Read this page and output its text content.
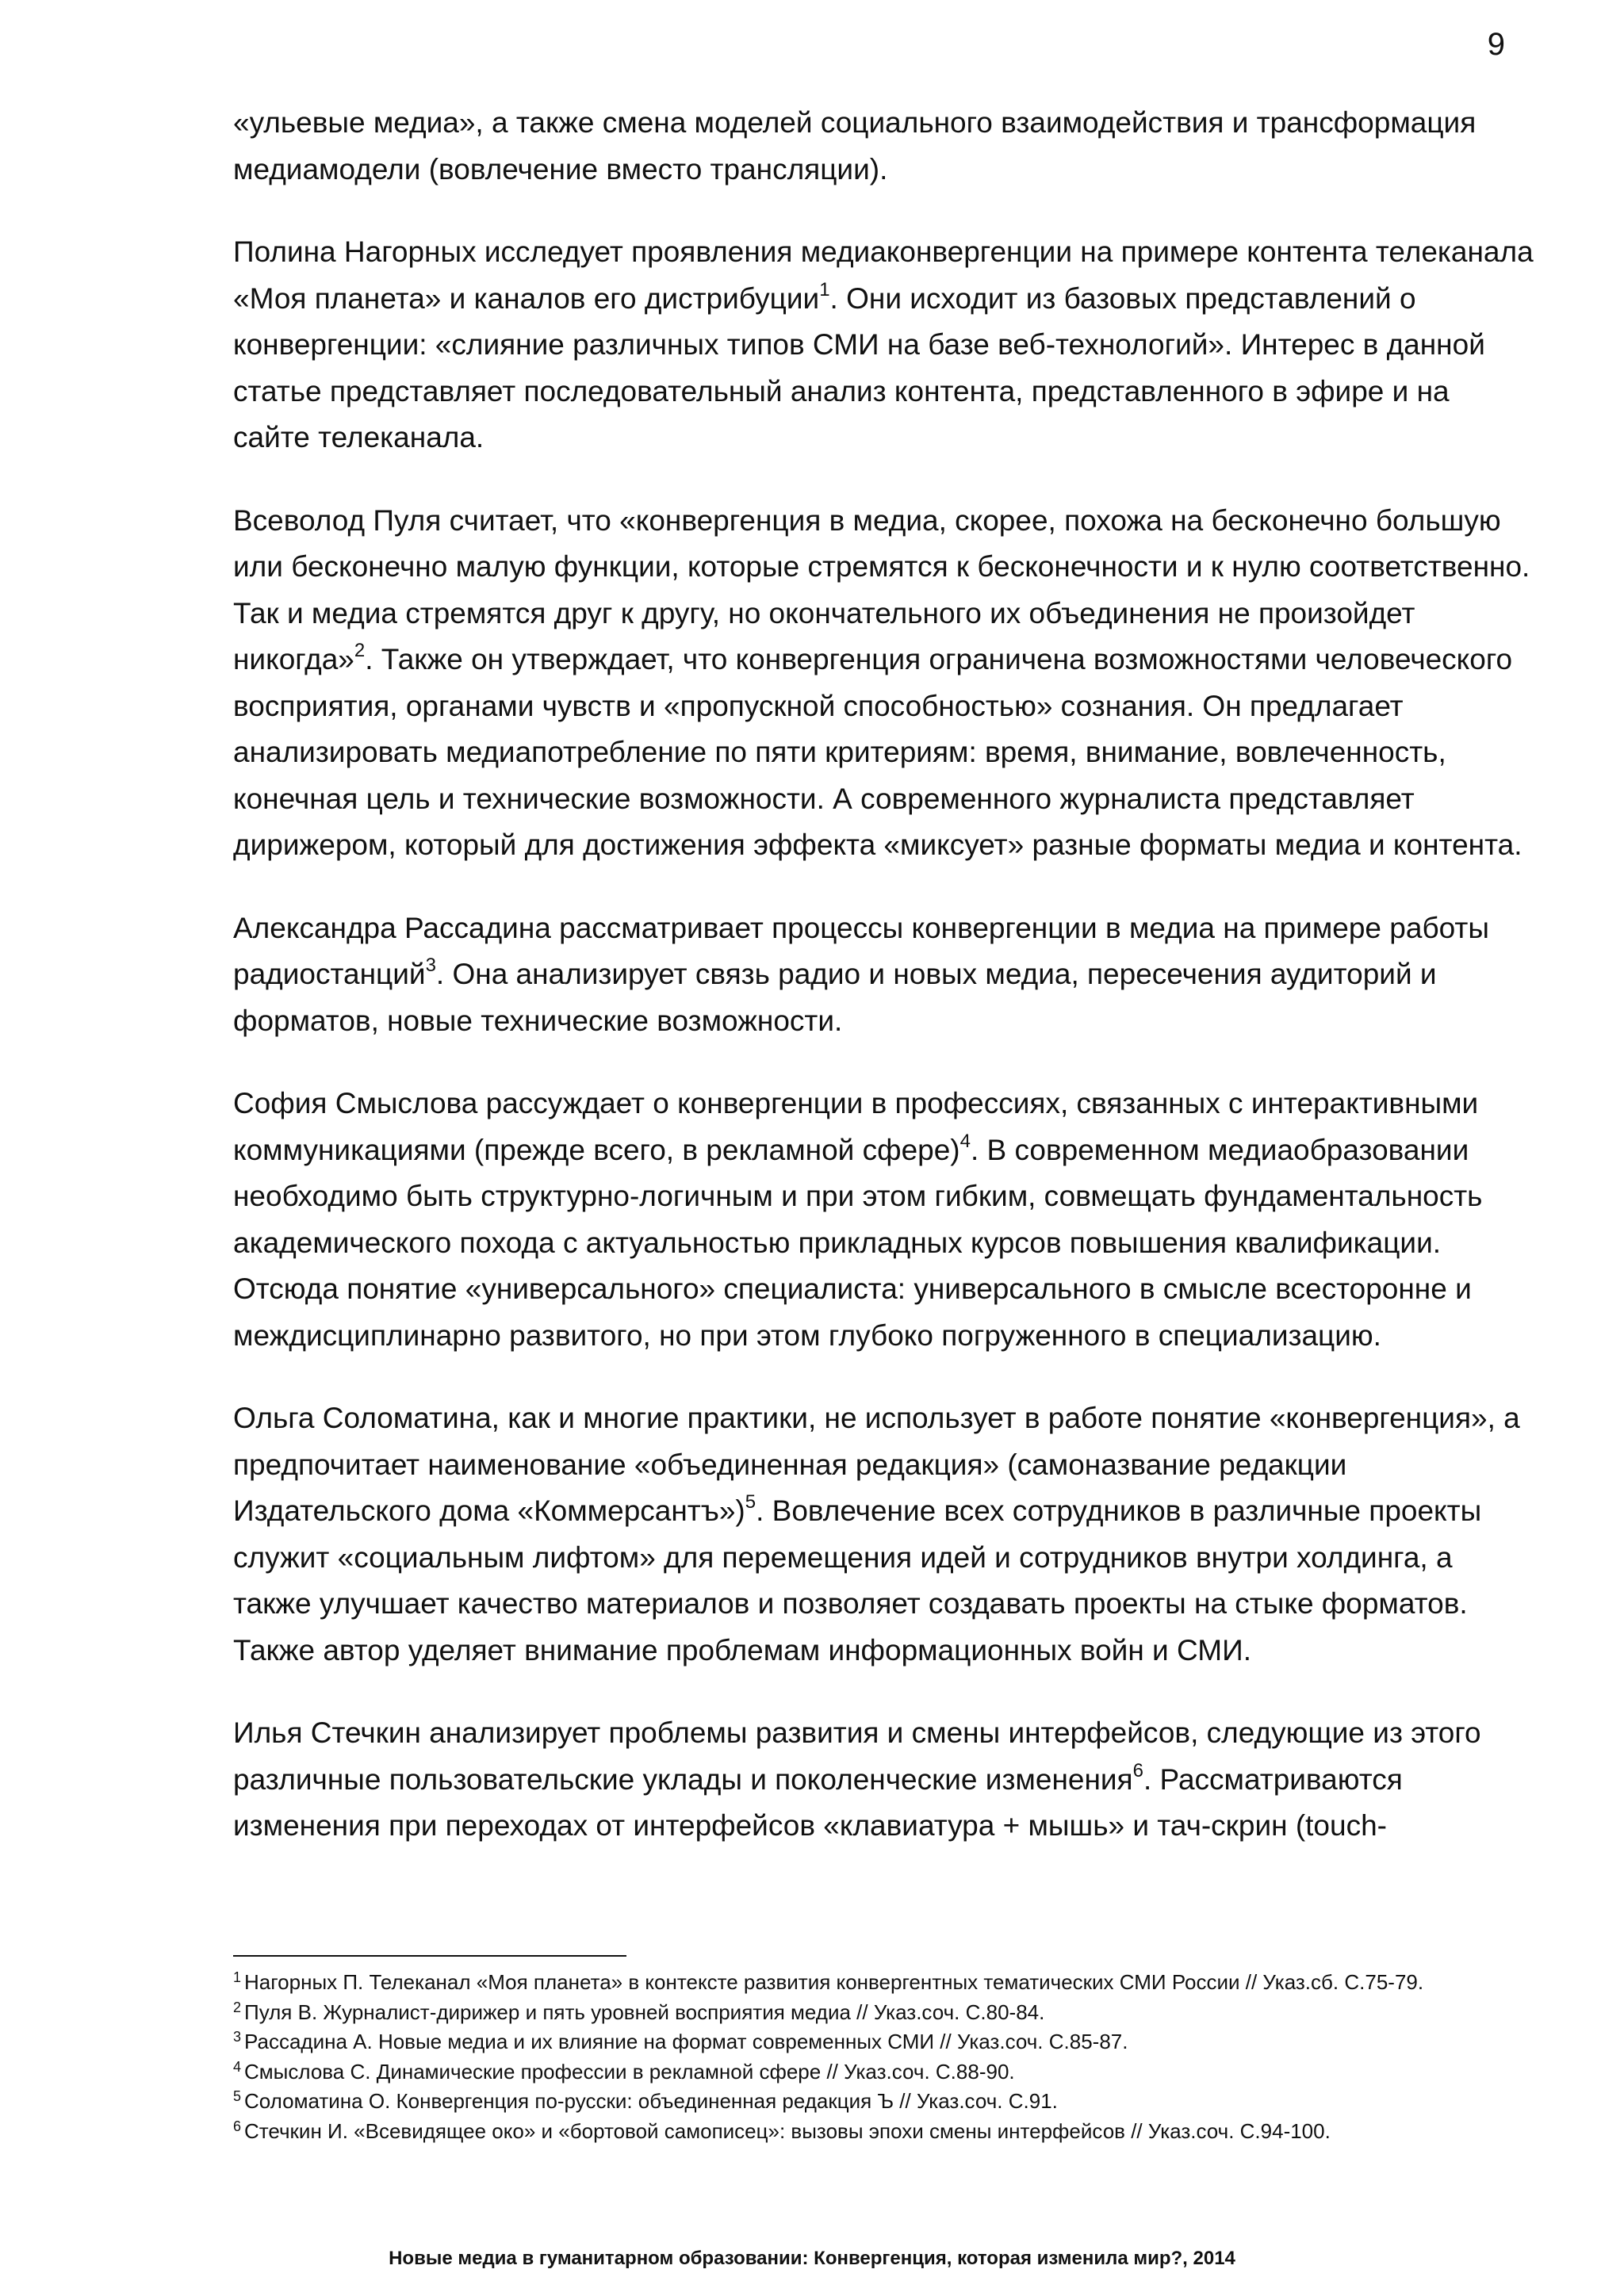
9

«ульевые медиа», а также смена моделей социального взаимодействия и трансформация медиамодели (вовлечение вместо трансляции).

Полина Нагорных исследует проявления медиаконвергенции на примере контента телеканала «Моя планета» и каналов его дистрибуции$^1$. Они исходит из базовых представлений о конвергенции: «слияние различных типов СМИ на базе веб-технологий». Интерес в данной статье представляет последовательный анализ контента, представленного в эфире и на сайте телеканала.

Всеволод Пуля считает, что «конвергенция в медиа, скорее, похожа на бесконечно большую или бесконечно малую функции, которые стремятся к бесконечности и к нулю соответственно. Так и медиа стремятся друг к другу, но окончательного их объединения не произойдет никогда»$^2$. Также он утверждает, что конвергенция ограничена возможностями человеческого восприятия, органами чувств и «пропускной способностью» сознания. Он предлагает анализировать медиапотребление по пяти критериям: время, внимание, вовлеченность, конечная цель и технические возможности. А современного журналиста представляет дирижером, который для достижения эффекта «миксует» разные форматы медиа и контента.

Александра Рассадина рассматривает процессы конвергенции в медиа на примере работы радиостанций$^3$. Она анализирует связь радио и новых медиа, пересечения аудиторий и форматов, новые технические возможности.

София Смыслова рассуждает о конвергенции в профессиях, связанных с интерактивными коммуникациями (прежде всего, в рекламной сфере)$^4$. В современном медиаобразовании необходимо быть структурно-логичным и при этом гибким, совмещать фундаментальность академического похода с актуальностью прикладных курсов повышения квалификации. Отсюда понятие «универсального» специалиста: универсального в смысле всесторонне и междисциплинарно развитого, но при этом глубоко погруженного в специализацию.

Ольга Соломатина, как и многие практики, не использует в работе понятие «конвергенция», а предпочитает наименование «объединенная редакция» (самоназвание редакции Издательского дома «Коммерсантъ»)$^5$. Вовлечение всех сотрудников в различные проекты служит «социальным лифтом» для перемещения идей и сотрудников внутри холдинга, а также улучшает качество материалов и позволяет создавать проекты на стыке форматов. Также автор уделяет внимание проблемам информационных войн и СМИ.

Илья Стечкин анализирует проблемы развития и смены интерфейсов, следующие из этого различные пользовательские уклады и поколенческие изменения$^6$. Рассматриваются изменения при переходах от интерфейсов «клавиатура + мышь» и тач-скрин (touch-

$^1$ Нагорных П. Телеканал «Моя планета» в контексте развития конвергентных тематических СМИ России // Указ.сб. С.75-79.

$^2$ Пуля В. Журналист-дирижер и пять уровней восприятия медиа // Указ.соч. С.80-84.

$^3$ Рассадина А. Новые медиа и их влияние на формат современных СМИ // Указ.соч. С.85-87.

$^4$ Смыслова С. Динамические профессии в рекламной сфере // Указ.соч. С.88-90.

$^5$ Соломатина О. Конвергенция по-русски: объединенная редакция Ъ // Указ.соч. С.91.

$^6$ Стечкин И. «Всевидящее око» и «бортовой самописец»: вызовы эпохи смены интерфейсов // Указ.соч. С.94-100.

Новые медиа в гуманитарном образовании: Конвергенция, которая изменила мир?, 2014
